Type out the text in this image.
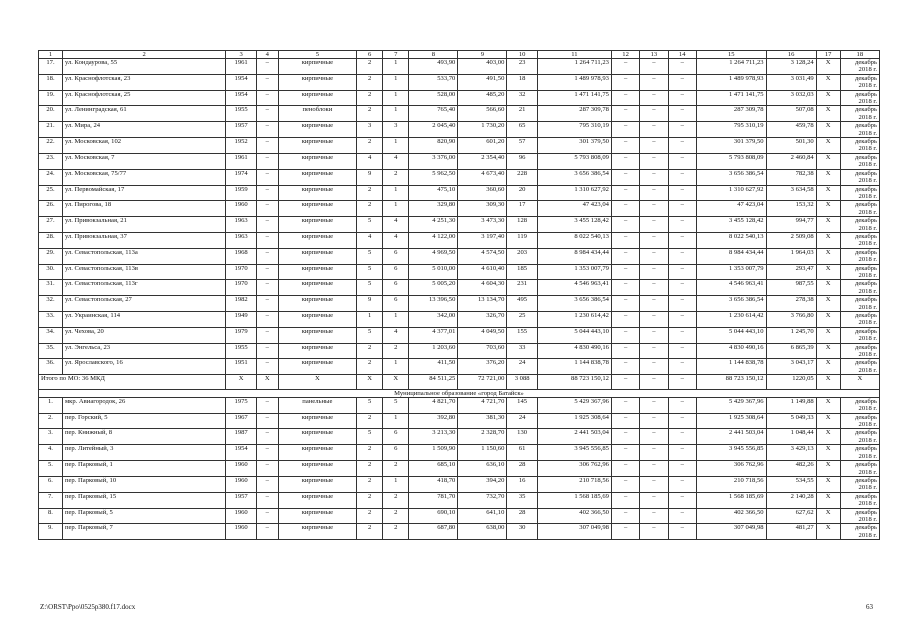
1	2	3	4	5	6	7	8	9	10	11	12	13	14	15	16	17	18
17.	ул. Кондаурова, 55	1961	–	кирпичные	2	1	493,90	403,00	23	1 264 711,23	–	–	–	1 264 711,23	3 128,24	X	декабрь 2018 г.
18.	ул. Краснофлотская, 23	1954	–	кирпичные	2	1	533,70	491,50	18	1 489 978,93	–	–	–	1 489 978,93	3 031,49	X	декабрь 2018 г.
19.	ул. Краснофлотская, 25	1954	–	кирпичные	2	1	528,00	485,20	32	1 471 141,75	–	–	–	1 471 141,75	3 032,03	X	декабрь 2018 г.
20.	ул. Ленинградская, 61	1955	–	пеноблоки	2	1	765,40	566,60	21	287 309,78	–	–	–	287 309,78	507,08	X	декабрь 2018 г.
21.	ул. Мира, 24	1957	–	кирпичные	3	3	2 045,40	1 730,20	65	795 310,19	–	–	–	795 310,19	459,78	X	декабрь 2018 г.
22.	ул. Московская, 102	1952	–	кирпичные	2	1	820,90	601,20	57	301 379,50	–	–	–	301 379,50	501,30	X	декабрь 2018 г.
23.	ул. Московская, 7	1961	–	кирпичные	4	4	3 376,00	2 354,40	96	5 793 808,09	–	–	–	5 793 808,09	2 460,84	X	декабрь 2018 г.
24.	ул. Московская, 75/77	1974	–	кирпичные	9	2	5 962,50	4 673,40	228	3 656 386,54	–	–	–	3 656 386,54	782,38	X	декабрь 2018 г.
25.	ул. Первомайская, 17	1959	–	кирпичные	2	1	475,10	360,60	20	1 310 627,92	–	–	–	1 310 627,92	3 634,58	X	декабрь 2018 г.
26.	ул. Пирогова, 18	1960	–	кирпичные	2	1	329,80	309,30	17	47 423,04	–	–	–	47 423,04	153,32	X	декабрь 2018 г.
27.	ул. Привокзальная, 21	1963	–	кирпичные	5	4	4 251,30	3 473,30	128	3 455 128,42	–	–	–	3 455 128,42	994,77	X	декабрь 2018 г.
28.	ул. Привокзальная, 37	1963	–	кирпичные	4	4	4 122,00	3 197,40	119	8 022 540,13	–	–	–	8 022 540,13	2 509,08	X	декабрь 2018 г.
29.	ул. Севастопольская, 113а	1968	–	кирпичные	5	6	4 969,50	4 574,50	203	8 984 434,44	–	–	–	8 984 434,44	1 964,03	X	декабрь 2018 г.
30.	ул. Севастопольская, 113в	1970	–	кирпичные	5	6	5 010,00	4 610,40	185	1 353 007,79	–	–	–	1 353 007,79	293,47	X	декабрь 2018 г.
31.	ул. Севастопольская, 113г	1970	–	кирпичные	5	6	5 005,20	4 604,30	231	4 546 963,41	–	–	–	4 546 963,41	987,55	X	декабрь 2018 г.
32.	ул. Севастопольская, 27	1982	–	кирпичные	9	6	13 396,50	13 134,70	495	3 656 386,54	–	–	–	3 656 386,54	278,38	X	декабрь 2018 г.
33.	ул. Украинская, 114	1949	–	кирпичные	1	1	342,00	326,70	25	1 230 614,42	–	–	–	1 230 614,42	3 766,80	X	декабрь 2018 г.
34.	ул. Чехова, 20	1979	–	кирпичные	5	4	4 377,01	4 049,50	155	5 044 443,10	–	–	–	5 044 443,10	1 245,70	X	декабрь 2018 г.
35.	ул. Энгельса, 23	1955	–	кирпичные	2	2	1 203,60	703,60	33	4 830 490,16	–	–	–	4 830 490,16	6 865,39	X	декабрь 2018 г.
36.	ул. Ярославского, 16	1951	–	кирпичные	2	1	411,50	376,20	24	1 144 838,78	–	–	–	1 144 838,78	3 043,17	X	декабрь 2018 г.
Итого по МО: 36 МКД		X	X	X	X	X	84 511,25	72 721,00	3 088	88 723 150,12	–	–	–	88 723 150,12	1220,05	X	X
Муниципальное образование «город Батайск»																	
1.	мкр. Авиагородок, 26	1975	–	панельные	5	5	4 821,70	4 721,70	145	5 429 367,96	–	–	–	5 429 367,96	1 149,88	X	декабрь 2018 г.
2.	пер. Горский, 5	1967	–	кирпичные	2	1	392,80	381,30	24	1 925 308,64	–	–	–	1 925 308,64	5 049,33	X	декабрь 2018 г.
3.	пер. Книжный, 8	1987	–	кирпичные	5	6	3 213,30	2 328,70	130	2 441 503,04	–	–	–	2 441 503,04	1 048,44	X	декабрь 2018 г.
4.	пер. Литейный, 3	1954	–	кирпичные	2	6	1 509,90	1 150,60	61	3 945 556,85	–	–	–	3 945 556,85	3 429,13	X	декабрь 2018 г.
5.	пер. Парковый, 1	1960	–	кирпичные	2	2	685,10	636,10	28	306 762,96	–	–	–	306 762,96	482,26	X	декабрь 2018 г.
6.	пер. Парковый, 10	1960	–	кирпичные	2	1	418,70	394,20	16	210 718,56	–	–	–	210 718,56	534,55	X	декабрь 2018 г.
7.	пер. Парковый, 15	1957	–	кирпичные	2	2	781,70	732,70	35	1 568 185,69	–	–	–	1 568 185,69	2 140,28	X	декабрь 2018 г.
8.	пер. Парковый, 5	1960	–	кирпичные	2	2	690,10	641,10	28	402 366,50	–	–	–	402 366,50	627,62	X	декабрь 2018 г.
9.	пер. Парковый, 7	1960	–	кирпичные	2	2	687,80	638,00	30	307 049,98	–	–	–	307 049,98	481,27	X	декабрь 2018 г.
Z:\ORST\Ppo\0525p380.f17.docx	63
